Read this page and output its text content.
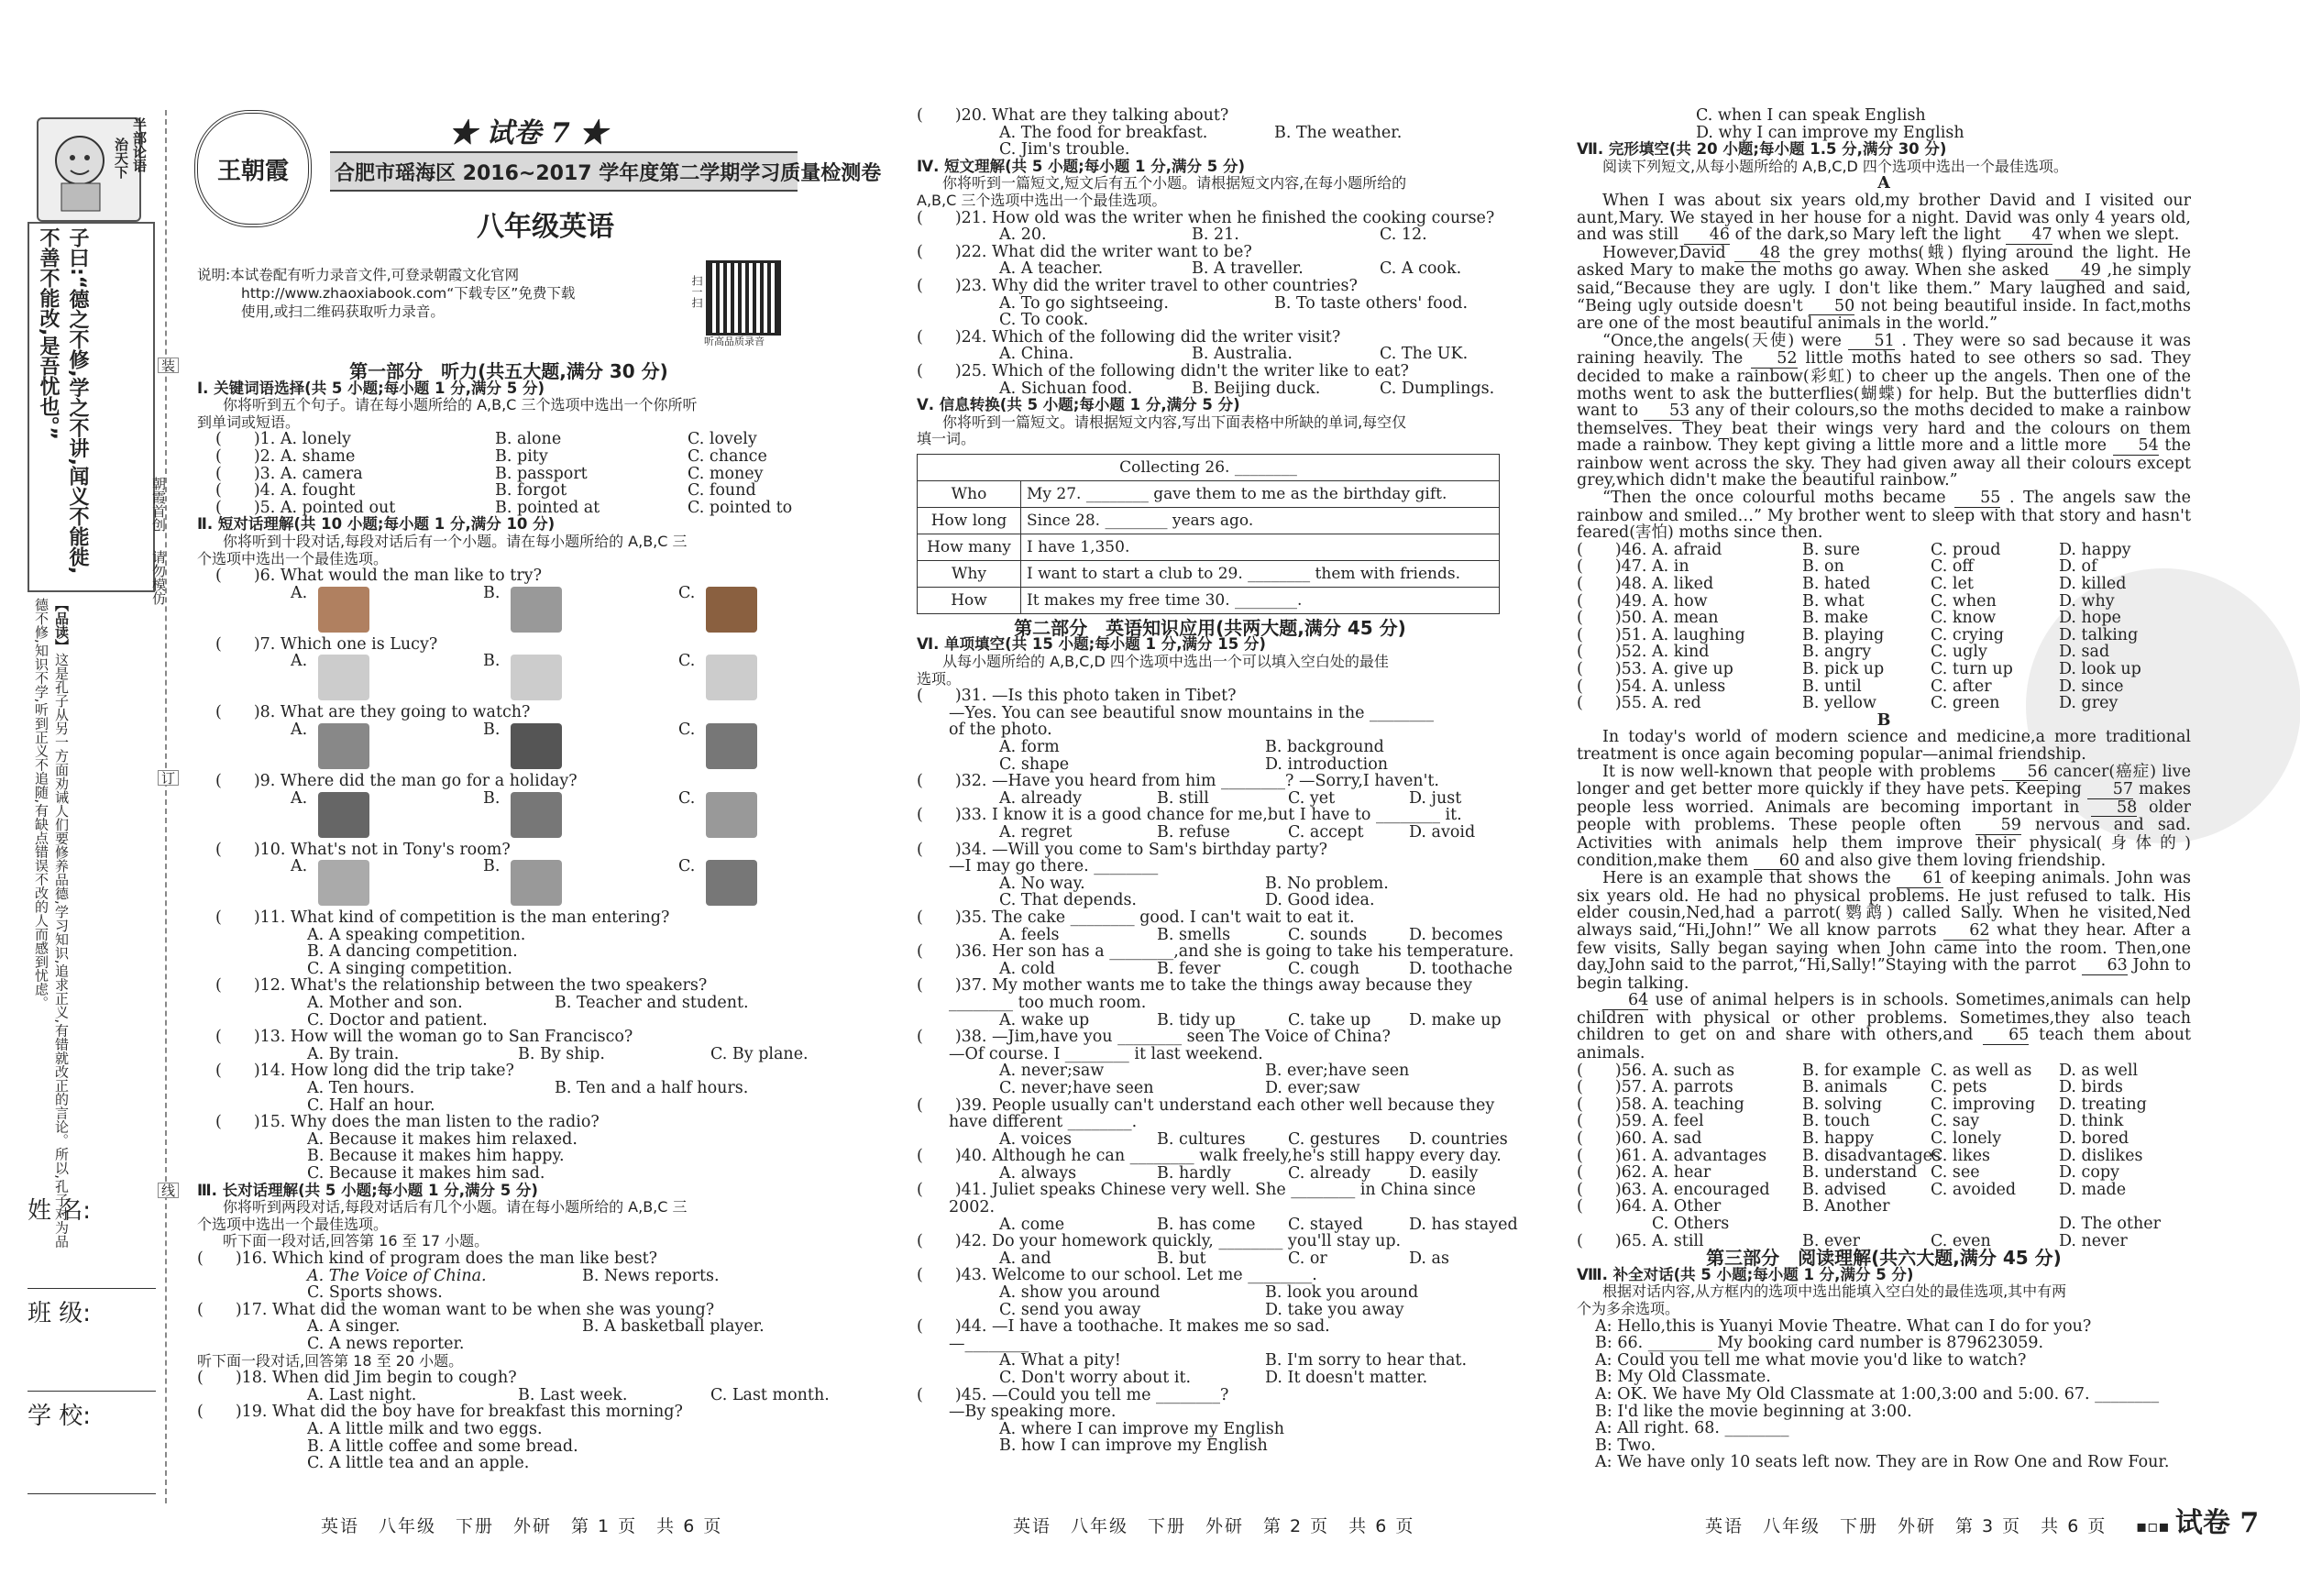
半部论语
治天下
子曰:“德之不修,学之不讲,闻义不能徙,不善不能改,是吾忧也。”
【品读】这是孔子从另一方面劝诫人们要修养品德,学习知识,追求正义,有错就改正的言论。所以,孔子对为品德不修,知识不学,听到正义不追随,有缺点错误不改的人而感到忧虑。
装
订
线
朝霞首创
请勿模仿
姓 名:
班 级:
学 校:
王朝霞
★ 试卷 7 ★
合肥市瑶海区 2016~2017 学年度第二学期学习质量检测卷
八年级英语
说明:本试卷配有听力录音文件,可登录朝霞文化官网
http://www.zhaoxiabook.com“下载专区”免费下载
使用,或扫二维码获取听力录音。
扫一扫
听高品质录音
第一部分　听力(共五大题,满分 30 分)
Ⅰ. 关键词语选择(共 5 小题;每小题 1 分,满分 5 分)
你将听到五个句子。请在每小题所给的 A,B,C 三个选项中选出一个你所听
到单词或短语。
(　　)1. A. lonely	B. alone	C. lovely
(　　)2. A. shame	B. pity	C. chance
(　　)3. A. camera	B. passport	C. money
(　　)4. A. fought	B. forgot	C. found
(　　)5. A. pointed out	B. pointed at	C. pointed to
Ⅱ. 短对话理解(共 10 小题;每小题 1 分,满分 10 分)
你将听到十段对话,每段对话后有一个小题。请在每小题所给的 A,B,C 三
个选项中选出一个最佳选项。
(　　)6. What would the man like to try?
A.	B.	C.
(　　)7. Which one is Lucy?
A.	B.	C.
(　　)8. What are they going to watch?
A.	B.	C.
(　　)9. Where did the man go for a holiday?
A.	B.	C.
(　　)10. What's not in Tony's room?
A.	B.	C.
(　　)11. What kind of competition is the man entering?
A. A speaking competition.
B. A dancing competition.
C. A singing competition.
(　　)12. What's the relationship between the two speakers?
A. Mother and son.	B. Teacher and student.
C. Doctor and patient.
(　　)13. How will the woman go to San Francisco?
A. By train.	B. By ship.	C. By plane.
(　　)14. How long did the trip take?
A. Ten hours.	B. Ten and a half hours.
C. Half an hour.
(　　)15. Why does the man listen to the radio?
A. Because it makes him relaxed.
B. Because it makes him happy.
C. Because it makes him sad.
Ⅲ. 长对话理解(共 5 小题;每小题 1 分,满分 5 分)
你将听到两段对话,每段对话后有几个小题。请在每小题所给的 A,B,C 三
个选项中选出一个最佳选项。
听下面一段对话,回答第 16 至 17 小题。
(　　)16. Which kind of program does the man like best?
A. The Voice of China.	B. News reports.
C. Sports shows.
(　　)17. What did the woman want to be when she was young?
A. A singer.	B. A basketball player.
C. A news reporter.
听下面一段对话,回答第 18 至 20 小题。
(　　)18. When did Jim begin to cough?
A. Last night.	B. Last week.	C. Last month.
(　　)19. What did the boy have for breakfast this morning?
A. A little milk and two eggs.
B. A little coffee and some bread.
C. A little tea and an apple.
英语　八年级　下册　外研　第 1 页　共 6 页
(　　)20. What are they talking about?
A. The food for breakfast.	B. The weather.
C. Jim's trouble.
Ⅳ. 短文理解(共 5 小题;每小题 1 分,满分 5 分)
你将听到一篇短文,短文后有五个小题。请根据短文内容,在每小题所给的
A,B,C 三个选项中选出一个最佳选项。
(　　)21. How old was the writer when he finished the cooking course?
A. 20.	B. 21.	C. 12.
(　　)22. What did the writer want to be?
A. A teacher.	B. A traveller.	C. A cook.
(　　)23. Why did the writer travel to other countries?
A. To go sightseeing.	B. To taste others' food.
C. To cook.
(　　)24. Which of the following did the writer visit?
A. China.	B. Australia.	C. The UK.
(　　)25. Which of the following didn't the writer like to eat?
A. Sichuan food.	B. Beijing duck.	C. Dumplings.
Ⅴ. 信息转换(共 5 小题;每小题 1 分,满分 5 分)
你将听到一篇短文。请根据短文内容,写出下面表格中所缺的单词,每空仅
填一词。
Collecting 26. ________	
Who	My 27. ________ gave them to me as the birthday gift.
How long	Since 28. ________ years ago.
How many	I have 1,350.
Why	I want to start a club to 29. ________ them with friends.
How	It makes my free time 30. ________.
第二部分　英语知识应用(共两大题,满分 45 分)
Ⅵ. 单项填空(共 15 小题;每小题 1 分,满分 15 分)
从每小题所给的 A,B,C,D 四个选项中选出一个可以填入空白处的最佳
选项。
(　　)31. —Is this photo taken in Tibet?
　　—Yes. You can see beautiful snow mountains in the ________
　　of the photo.
A. form	B. background
C. shape	D. introduction
(　　)32. —Have you heard from him ________? —Sorry,I haven't.
A. already	B. still	C. yet	D. just
(　　)33. I know it is a good chance for me,but I have to ________ it.
A. regret	B. refuse	C. accept	D. avoid
(　　)34. —Will you come to Sam's birthday party?
　　—I may go there. ________
A. No way.	B. No problem.
C. That depends.	D. Good idea.
(　　)35. The cake ________ good. I can't wait to eat it.
A. feels	B. smells	C. sounds	D. becomes
(　　)36. Her son has a ________,and she is going to take his temperature.
A. cold	B. fever	C. cough	D. toothache
(　　)37. My mother wants me to take the things away because they
　　________ too much room.
A. wake up	B. tidy up	C. take up D. make up
(　　)38. —Jim,have you ________ seen The Voice of China?
　　—Of course. I ________ it last weekend.
A. never;saw	B. ever;have seen
C. never;have seen	D. ever;saw
(　　)39. People usually can't understand each other well because they
　　have different ________.
A. voices	B. cultures	C. gestures D. countries
(　　)40. Although he can ________ walk freely,he's still happy every day.
A. always	B. hardly	C. already D. easily
(　　)41. Juliet speaks Chinese very well. She ________ in China since
　　2002.
A. come	B. has come C. stayed	D. has stayed
(　　)42. Do your homework quickly, ________ you'll stay up.
A. and	B. but	C. or	D. as
(　　)43. Welcome to our school. Let me ________.
A. show you around	B. look you around
C. send you away	D. take you away
(　　)44. —I have a toothache. It makes me so sad.
　　—________
A. What a pity!	B. I'm sorry to hear that.
C. Don't worry about it.	D. It doesn't matter.
(　　)45. —Could you tell me ________?
　　—By speaking more.
A. where I can improve my English
B. how I can improve my English
英语　八年级　下册　外研　第 2 页　共 6 页
C. when I can speak English
D. why I can improve my English
Ⅶ. 完形填空(共 20 小题;每小题 1.5 分,满分 30 分)
阅读下列短文,从每小题所给的 A,B,C,D 四个选项中选出一个最佳选项。
A
When I was about six years old,my brother David and I visited our aunt,Mary. We stayed in her house for a night. David was only 4 years old, and was still 46 of the dark,so Mary left the light 47 when we slept.
However,David 48 the grey moths(蛾) flying around the light. He asked Mary to make the moths go away. When she asked 49 ,he simply said,“Because they are ugly. I don't like them.” Mary laughed and said, “Being ugly outside doesn't 50 not being beautiful inside. In fact,moths are one of the most beautiful animals in the world.”
“Once,the angels(天使) were 51 . They were so sad because it was raining heavily. The 52 little moths hated to see others so sad. They decided to make a rainbow(彩虹) to cheer up the angels. Then one of the moths went to ask the butterflies(蝴蝶) for help. But the butterflies didn't want to 53 any of their colours,so the moths decided to make a rainbow themselves. They beat their wings very hard and the colours on them made a rainbow. They kept giving a little more and a little more 54 the rainbow went across the sky. They had given away all their colours except grey,which didn't make the beautiful rainbow.”
“Then the once colourful moths became 55 . The angels saw the rainbow and smiled…” My brother went to sleep with that story and hasn't feared(害怕) moths since then.
(　　)46. A. afraid	B. sure	C. proud	D. happy
(　　)47. A. in	B. on	C. off	D. of
(　　)48. A. liked	B. hated	C. let	D. killed
(　　)49. A. how	B. what	C. when	D. why
(　　)50. A. mean	B. make	C. know	D. hope
(　　)51. A. laughing	B. playing	C. crying	D. talking
(　　)52. A. kind	B. angry	C. ugly	D. sad
(　　)53. A. give up	B. pick up	C. turn up	D. look up
(　　)54. A. unless	B. until	C. after	D. since
(　　)55. A. red	B. yellow	C. green	D. grey
B
In today's world of modern science and medicine,a more traditional treatment is once again becoming popular—animal friendship.
It is now well-known that people with problems 56 cancer(癌症) live longer and get better more quickly if they have pets. Keeping 57 makes people less worried. Animals are becoming important in 58 older people with problems. These people often 59 nervous and sad. Activities with animals help them improve their physical(身体的) condition,make them 60 and also give them loving friendship.
Here is an example that shows the 61 of keeping animals. John was six years old. He had no physical problems. He just refused to talk. His elder cousin,Ned,had a parrot(鹦鹉) called Sally. When he visited,Ned always said,“Hi,John!” We all know parrots 62 what they hear. After a few visits, Sally began saying when John came into the room. Then,one day,John said to the parrot,“Hi,Sally!”Staying with the parrot 63 John to begin talking.
64 use of animal helpers is in schools. Sometimes,animals can help children with physical or other problems. Sometimes,they also teach children to get on and share with others,and 65 teach them about animals.
(　　)56. A. such as	B. for example C. as well as D. as well
(　　)57. A. parrots	B. animals	C. pets	D. birds
(　　)58. A. teaching	B. solving	C. improving D. treating
(　　)59. A. feel	B. touch	C. say	D. think
(　　)60. A. sad	B. happy	C. lonely	D. bored
(　　)61. A. advantages B. disadvantages
C. likes	D. dislikes
(　　)62. A. hear	B. understand C. see	D. copy
(　　)63. A. encouraged B. advised	C. avoided	D. made
(　　)64. A. Other	B. Another
C. Others	D. The other
(　　)65. A. still	B. ever	C. even	D. never
第三部分　阅读理解(共六大题,满分 45 分)
Ⅷ. 补全对话(共 5 小题;每小题 1 分,满分 5 分)
根据对话内容,从方框内的选项中选出能填入空白处的最佳选项,其中有两
个为多余选项。
A: Hello,this is Yuanyi Movie Theatre. What can I do for you?
B: 66. ________ My booking card number is 879623059.
A: Could you tell me what movie you'd like to watch?
B: My Old Classmate.
A: OK. We have My Old Classmate at 1:00,3:00 and 5:00. 67. ________
B: I'd like the movie beginning at 3:00.
A: All right. 68. ________
B: Two.
A: We have only 10 seats left now. They are in Row One and Row Four.
英语　八年级　下册　外研　第 3 页　共 6 页 ▪▫▪ 试卷 7
